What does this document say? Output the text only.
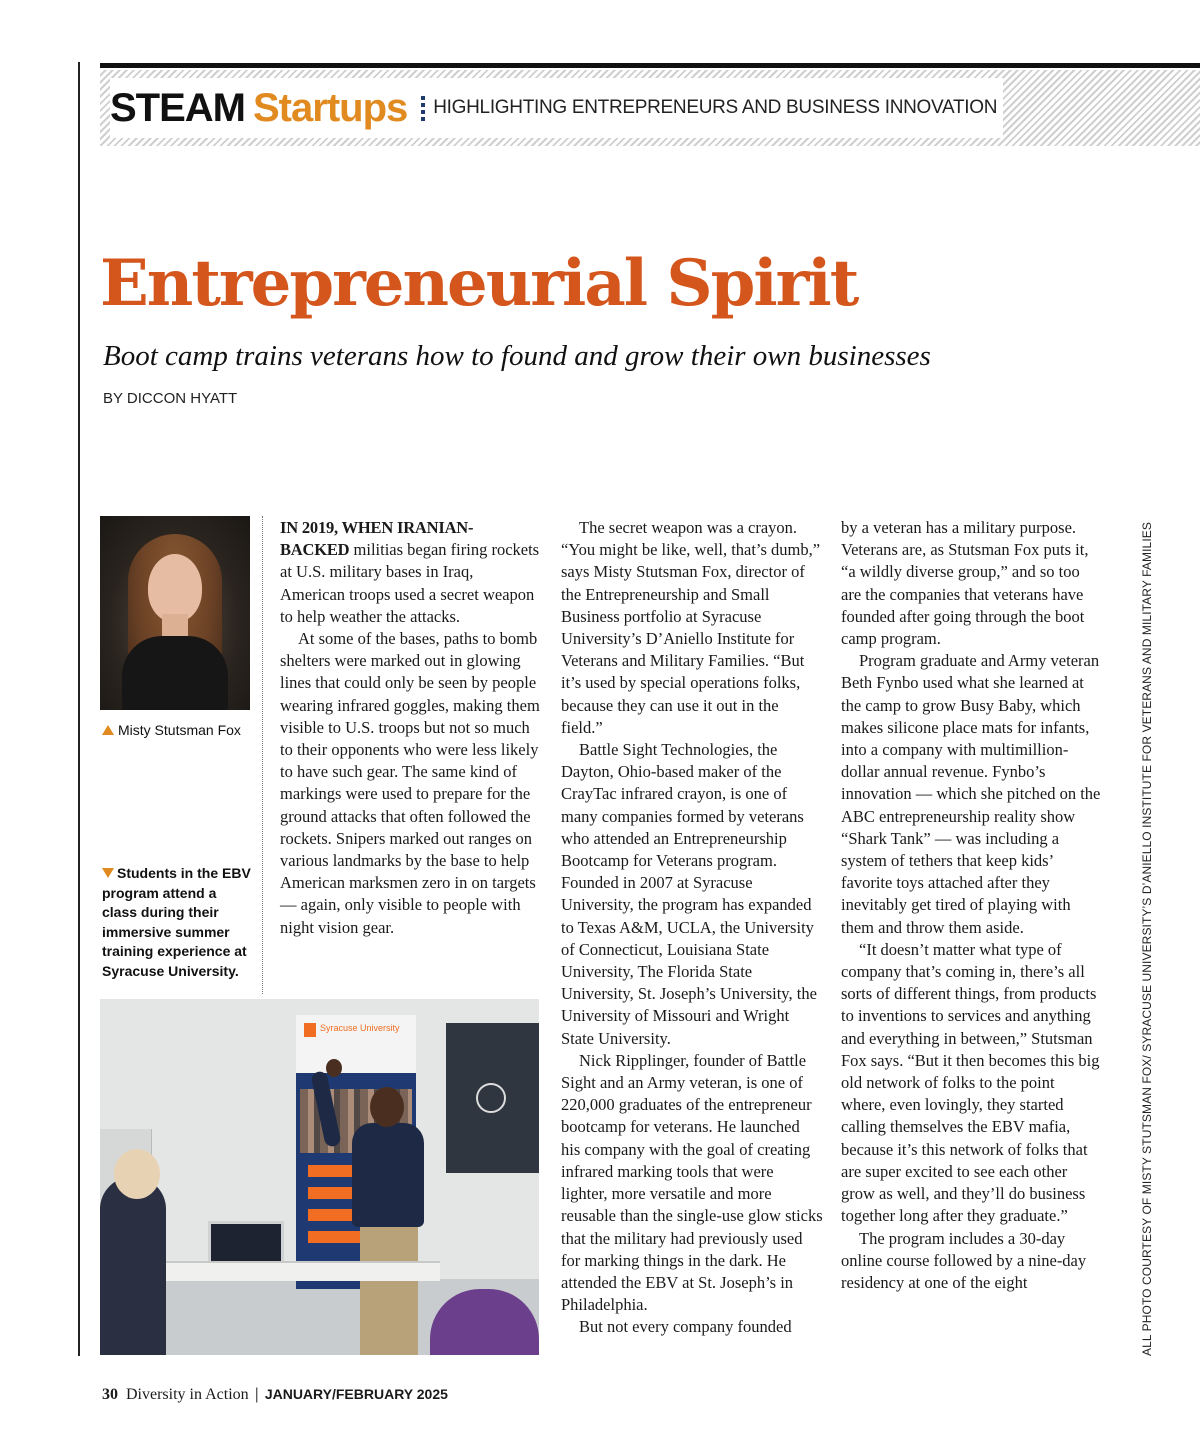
STEAM Startups HIGHLIGHTING ENTREPRENEURS AND BUSINESS INNOVATION
Entrepreneurial Spirit
Boot camp trains veterans how to found and grow their own businesses
BY DICCON HYATT
Misty Stutsman Fox
Students in the EBV program attend a class during their immersive summer training experience at Syracuse University.

IN 2019, WHEN IRANIAN-BACKED militias began firing rockets at U.S. military bases in Iraq, American troops used a secret weapon to help weather the attacks.

At some of the bases, paths to bomb shelters were marked out in glowing lines that could only be seen by people wearing infrared goggles, making them visible to U.S. troops but not so much to their opponents who were less likely to have such gear. The same kind of markings were used to prepare for the ground attacks that often followed the rockets. Snipers marked out ranges on various landmarks by the base to help American marksmen zero in on targets — again, only visible to people with night vision gear.

The secret weapon was a crayon. “You might be like, well, that’s dumb,” says Misty Stutsman Fox, director of the Entrepreneurship and Small Business portfolio at Syracuse University’s D’Aniello Institute for Veterans and Military Families. “But it’s used by special operations folks, because they can use it out in the field.”

Battle Sight Technologies, the Dayton, Ohio-based maker of the CrayTac infrared crayon, is one of many companies formed by veterans who attended an Entrepreneurship Bootcamp for Veterans program. Founded in 2007 at Syracuse University, the program has expanded to Texas A&M, UCLA, the University of Connecticut, Louisiana State University, The Florida State University, St. Joseph’s University, the University of Missouri and Wright State University.

Nick Ripplinger, founder of Battle Sight and an Army veteran, is one of 220,000 graduates of the entrepreneur bootcamp for veterans. He launched his company with the goal of creating infrared marking tools that were lighter, more versatile and more reusable than the single-use glow sticks that the military had previously used for marking things in the dark. He attended the EBV at St. Joseph’s in Philadelphia.

But not every company founded

by a veteran has a military purpose. Veterans are, as Stutsman Fox puts it, “a wildly diverse group,” and so too are the companies that veterans have founded after going through the boot camp program.

Program graduate and Army veteran Beth Fynbo used what she learned at the camp to grow Busy Baby, which makes silicone place mats for infants, into a company with multimillion-dollar annual revenue. Fynbo’s innovation — which she pitched on the ABC entrepreneurship reality show “Shark Tank” — was including a system of tethers that keep kids’ favorite toys attached after they inevitably get tired of playing with them and throw them aside.

“It doesn’t matter what type of company that’s coming in, there’s all sorts of different things, from products to inventions to services and anything and everything in between,” Stutsman Fox says. “But it then becomes this big old network of folks to the point where, even lovingly, they started calling themselves the EBV mafia, because it’s this network of folks that are super excited to see each other grow as well, and they’ll do business together long after they graduate.”

The program includes a 30-day online course followed by a nine-day residency at one of the eight

Syracuse University	ALL PHOTO COURTESY OF MISTY STUTSMAN FOX/ SYRACUSE UNIVERSITY’S D’ANIELLO INSTITUTE FOR VETERANS AND MILITARY FAMILIES
30 Diversity in Action | JANUARY/FEBRUARY 2025
